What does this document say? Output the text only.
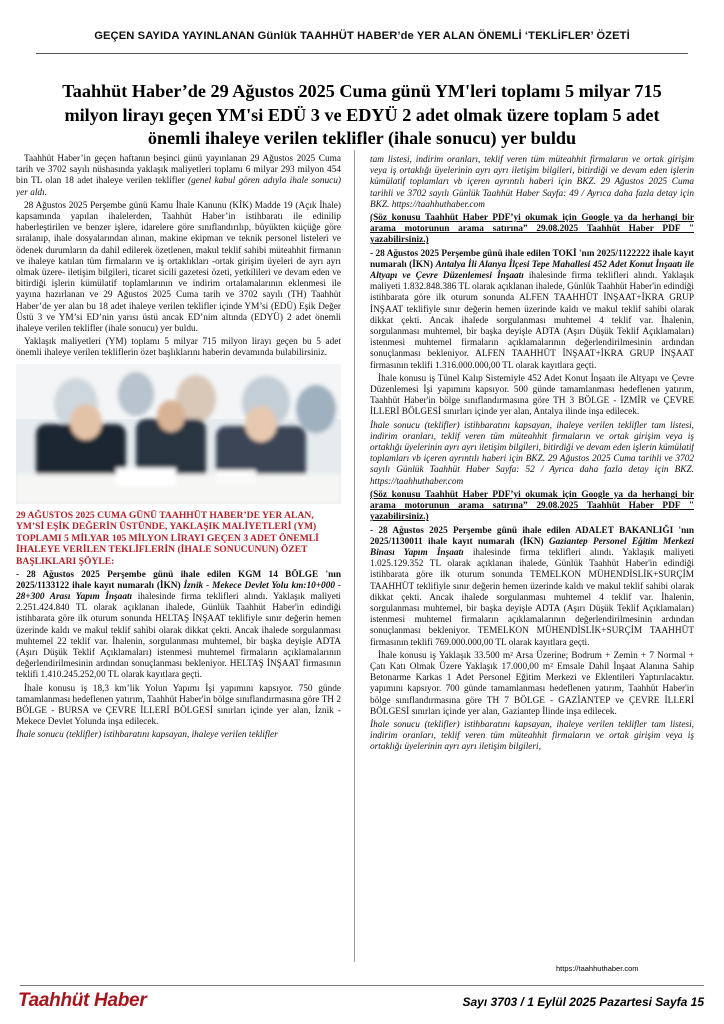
GEÇEN SAYIDA YAYINLANAN Günlük TAAHHÜT HABER’de YER ALAN ÖNEMLİ ‘TEKLİFLER’ ÖZETİ
Taahhüt Haber’de 29 Ağustos 2025 Cuma günü YM'leri toplamı 5 milyar 715 milyon lirayı geçen YM'si EDÜ 3 ve EDYÜ 2 adet olmak üzere toplam 5 adet önemli ihaleye verilen teklifler (ihale sonucu) yer buldu

Taahhüt Haber’in geçen haftanın beşinci günü yayınlanan 29 Ağustos 2025 Cuma tarih ve 3702 sayılı nüshasında yaklaşık maliyetleri toplamı 6 milyar 293 milyon 454 bin TL olan 18 adet ihaleye verilen teklifler (genel kabul gören adıyla ihale sonucu) yer aldı.

28 Ağustos 2025 Perşembe günü Kamu İhale Kanunu (KİK) Madde 19 (Açık İhale) kapsamında yapılan ihalelerden, Taahhüt Haber’in istihbaratı ile edinilip haberleştirilen ve benzer işlere, idarelere göre sınıflandırılıp, büyükten küçüğe göre sıralanıp, ihale dosyalarından alınan, makine ekipman ve teknik personel listeleri ve ödenek durumların da dahil edilerek özetlenen, makul teklif sahibi müteahhit firmanın ve ihaleye katılan tüm firmaların ve iş ortaklıkları -ortak girişim üyeleri de ayrı ayrı olmak üzere- iletişim bilgileri, ticaret sicili gazetesi özeti, yetkilileri ve devam eden ve bitirdiği işlerin kümülatif toplamlarının ve indirim ortalamalarının eklenmesi ile yayına hazırlanan ve 29 Ağustos 2025 Cuma tarih ve 3702 sayılı (TH) Taahhüt Haber’de yer alan bu 18 adet ihaleye verilen teklifler içinde YM’si (EDÜ) Eşik Değer Üstü 3 ve YM’si ED’nin yarısı üstü ancak ED’nim altında (EDYÜ) 2 adet önemli ihaleye verilen teklifler (ihale sonucu) yer buldu.

Yaklaşık maliyetleri (YM) toplamı 5 milyar 715 milyon lirayı geçen bu 5 adet önemli ihaleye verilen tekliflerin özet başlıklarını haberin devamında bulabilirsiniz.

29 AĞUSTOS 2025 CUMA GÜNÜ TAAHHÜT HABER’DE YER ALAN, YM’Sİ EŞİK DEĞERİN ÜSTÜNDE, YAKLAŞIK MALİYETLERİ (YM) TOPLAMI 5 MİLYAR 105 MİLYON LİRAYI GEÇEN 3 ADET ÖNEMLİ İHALEYE VERİLEN TEKLİFLERİN (İHALE SONUCUNUN) ÖZET BAŞLIKLARI ŞÖYLE:

- 28 Ağustos 2025 Perşembe günü ihale edilen KGM 14 BÖLGE 'nın 2025/1133122 ihale kayıt numaralı (İKN) İznik - Mekece Devlet Yolu km:10+000 - 28+300 Arası Yapım İnşaatı ihalesinde firma teklifleri alındı. Yaklaşık maliyeti 2.251.424.840 TL olarak açıklanan ihalede, Günlük Taahhüt Haber'in edindiği istihbarata göre ilk oturum sonunda HELTAŞ İNŞAAT teklifiyle sınır değerin hemen üzerinde kaldı ve makul teklif sahibi olarak dikkat çekti. Ancak ihalede sorgulanması muhtemel 22 teklif var. İhalenin, sorgulanması muhtemel, bir başka deyişle ADTA (Aşırı Düşük Teklif Açıklamaları) istenmesi muhtemel firmaların açıklamalarının değerlendirilmesinin ardından sonuçlanması bekleniyor. HELTAŞ İNŞAAT firmasının teklifi 1.410.245.252,00 TL olarak kayıtlara geçti.

İhale konusu iş 18,3 km’lik Yolun Yapımı İşi yapımını kapsıyor. 750 günde tamamlanması hedeflenen yatırım, Taahhüt Haber'in bölge sınıflandırmasına göre TH 2 BÖLGE - BURSA ve ÇEVRE İLLERİ BÖLGESİ sınırları içinde yer alan, İznik - Mekece Devlet Yolunda inşa edilecek.

İhale sonucu (teklifler) istihbaratını kapsayan, ihaleye verilen teklifler

tam listesi, indirim oranları, teklif veren tüm müteahhit firmaların ve ortak girişim veya iş ortaklığı üyelerinin ayrı ayrı iletişim bilgileri, bitirdiği ve devam eden işlerin kümülatif toplamları vb içeren ayrıntılı haberi için BKZ. 29 Ağustos 2025 Cuma tarihli ve 3702 sayılı Günlük Taahhüt Haber Sayfa: 49 / Ayrıca daha fazla detay için BKZ. https://taahhuthaber.com

(Söz konusu Taahhüt Haber PDF’yi okumak için Google ya da herhangi bir arama motorunun arama satırına” 29.08.2025 Taahhüt Haber PDF " yazabilirsiniz.)

- 28 Ağustos 2025 Perşembe günü ihale edilen TOKİ 'nın 2025/1122222 ihale kayıt numaralı (İKN) Antalya İli Alanya İlçesi Tepe Mahallesi 452 Adet Konut İnşaatı ile Altyapı ve Çevre Düzenlemesi İnşaatı ihalesinde firma teklifleri alındı. Yaklaşık maliyeti 1.832.848.386 TL olarak açıklanan ihalede, Günlük Taahhüt Haber'in edindiği istihbarata göre ilk oturum sonunda ALFEN TAAHHÜT İNŞAAT+İKRA GRUP İNŞAAT teklifiyle sınır değerin hemen üzerinde kaldı ve makul teklif sahibi olarak dikkat çekti. Ancak ihalede sorgulanması muhtemel 4 teklif var. İhalenin, sorgulanması muhtemel, bir başka deyişle ADTA (Aşırı Düşük Teklif Açıklamaları) istenmesi muhtemel firmaların açıklamalarının değerlendirilmesinin ardından sonuçlanması bekleniyor. ALFEN TAAHHÜT İNŞAAT+İKRA GRUP İNŞAAT firmasının teklifi 1.316.000.000,00 TL olarak kayıtlara geçti.

İhale konusu iş Tünel Kalıp Sistemiyle 452 Adet Konut İnşaatı ile Altyapı ve Çevre Düzenlemesi İşi yapımını kapsıyor. 500 günde tamamlanması hedeflenen yatırım, Taahhüt Haber'in bölge sınıflandırmasına göre TH 3 BÖLGE - İZMİR ve ÇEVRE İLLERİ BÖLGESİ sınırları içinde yer alan, Antalya ilinde inşa edilecek.

İhale sonucu (teklifler) istihbaratını kapsayan, ihaleye verilen teklifler tam listesi, indirim oranları, teklif veren tüm müteahhit firmaların ve ortak girişim veya iş ortaklığı üyelerinin ayrı ayrı iletişim bilgileri, bitirdiği ve devam eden işlerin kümülatif toplamları vb içeren ayrıntılı haberi için BKZ. 29 Ağustos 2025 Cuma tarihli ve 3702 sayılı Günlük Taahhüt Haber Sayfa: 52 / Ayrıca daha fazla detay için BKZ. https://taahhuthaber.com

(Söz konusu Taahhüt Haber PDF’yi okumak için Google ya da herhangi bir arama motorunun arama satırına” 29.08.2025 Taahhüt Haber PDF " yazabilirsiniz.)

- 28 Ağustos 2025 Perşembe günü ihale edilen ADALET BAKANLIĞI 'nın 2025/1130011 ihale kayıt numaralı (İKN) Gaziantep Personel Eğitim Merkezi Binası Yapım İnşaatı ihalesinde firma teklifleri alındı. Yaklaşık maliyeti 1.025.129.352 TL olarak açıklanan ihalede, Günlük Taahhüt Haber'in edindiği istihbarata göre ilk oturum sonunda TEMELKON MÜHENDİSLİK+SURÇİM TAAHHÜT teklifiyle sınır değerin hemen üzerinde kaldı ve makul teklif sahibi olarak dikkat çekti. Ancak ihalede sorgulanması muhtemel 4 teklif var. İhalenin, sorgulanması muhtemel, bir başka deyişle ADTA (Aşırı Düşük Teklif Açıklamaları) istenmesi muhtemel firmaların açıklamalarının değerlendirilmesinin ardından sonuçlanması bekleniyor. TEMELKON MÜHENDİSLİK+SURÇİM TAAHHÜT firmasının teklifi 769.000.000,00 TL olarak kayıtlara geçti.

İhale konusu iş Yaklaşık 33.500 m² Arsa Üzerine; Bodrum + Zemin + 7 Normal + Çatı Katı Olmak Üzere Yaklaşık 17.000,00 m² Emsale Dahil İnşaat Alanına Sahip Betonarme Karkas 1 Adet Personel Eğitim Merkezi ve Eklentileri Yaptırılacaktır. yapımını kapsıyor. 700 günde tamamlanması hedeflenen yatırım, Taahhüt Haber'in bölge sınıflandırmasına göre TH 7 BÖLGE - GAZİANTEP ve ÇEVRE İLLERİ BÖLGESİ sınırları içinde yer alan, Gaziantep İlinde inşa edilecek.

İhale sonucu (teklifler) istihbaratını kapsayan, ihaleye verilen teklifler tam listesi, indirim oranları, teklif veren tüm müteahhit firmaların ve ortak girişim veya iş ortaklığı üyelerinin ayrı ayrı iletişim bilgileri,

https://taahhuthaber.com
Taahhüt Haber	Sayı 3703 / 1 Eylül 2025 Pazartesi Sayfa 15
